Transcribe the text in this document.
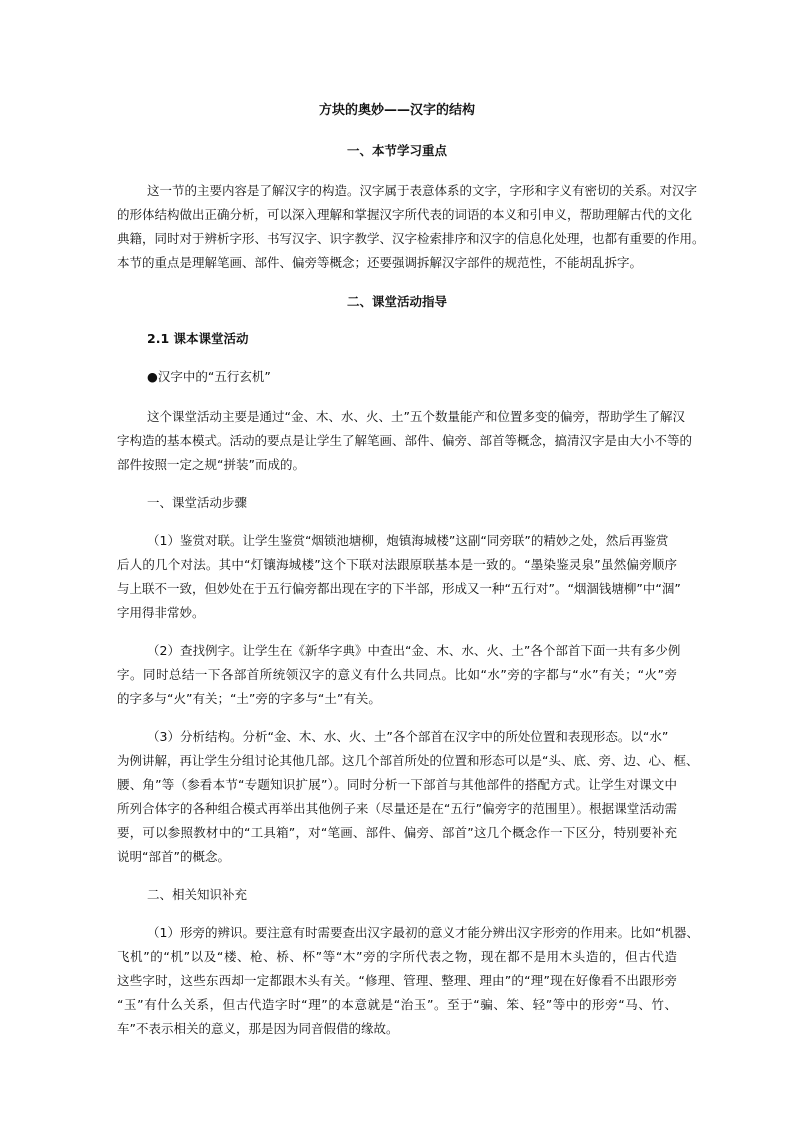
方块的奥妙——汉字的结构
一、本节学习重点
这一节的主要内容是了解汉字的构造。汉字属于表意体系的文字，字形和字义有密切的关系。对汉字
的形体结构做出正确分析，可以深入理解和掌握汉字所代表的词语的本义和引申义，帮助理解古代的文化
典籍，同时对于辨析字形、书写汉字、识字教学、汉字检索排序和汉字的信息化处理，也都有重要的作用。
本节的重点是理解笔画、部件、偏旁等概念；还要强调拆解汉字部件的规范性，不能胡乱拆字。
二、课堂活动指导
2.1 课本课堂活动
●汉字中的“五行玄机”
这个课堂活动主要是通过“金、木、水、火、土”五个数量能产和位置多变的偏旁，帮助学生了解汉
字构造的基本模式。活动的要点是让学生了解笔画、部件、偏旁、部首等概念，搞清汉字是由大小不等的
部件按照一定之规“拼装”而成的。
一、课堂活动步骤
（1）鉴赏对联。让学生鉴赏“烟锁池塘柳，炮镇海城楼”这副“同旁联”的精妙之处，然后再鉴赏
后人的几个对法。其中“灯镶海城楼”这个下联对法跟原联基本是一致的。“墨染鉴灵泉”虽然偏旁顺序
与上联不一致，但妙处在于五行偏旁都出现在字的下半部，形成又一种“五行对”。“烟涸钱塘柳”中“涸”
字用得非常妙。
（2）查找例字。让学生在《新华字典》中查出“金、木、水、火、土”各个部首下面一共有多少例
字。同时总结一下各部首所统领汉字的意义有什么共同点。比如“水”旁的字都与“水”有关；“火”旁
的字多与“火”有关；“土”旁的字多与“土”有关。
（3）分析结构。分析“金、木、水、火、土”各个部首在汉字中的所处位置和表现形态。以“水”
为例讲解，再让学生分组讨论其他几部。这几个部首所处的位置和形态可以是“头、底、旁、边、心、框、
腰、角”等（参看本节“专题知识扩展”）。同时分析一下部首与其他部件的搭配方式。让学生对课文中
所列合体字的各种组合模式再举出其他例子来（尽量还是在“五行”偏旁字的范围里）。根据课堂活动需
要，可以参照教材中的“工具箱”，对“笔画、部件、偏旁、部首”这几个概念作一下区分，特别要补充
说明“部首”的概念。
二、相关知识补充
（1）形旁的辨识。要注意有时需要查出汉字最初的意义才能分辨出汉字形旁的作用来。比如“机器、
飞机”的“机”以及“楼、枪、桥、杯”等“木”旁的字所代表之物，现在都不是用木头造的，但古代造
这些字时，这些东西却一定都跟木头有关。“修理、管理、整理、理由”的“理”现在好像看不出跟形旁
“玉”有什么关系，但古代造字时“理”的本意就是“治玉”。至于“骗、笨、轻”等中的形旁“马、竹、
车”不表示相关的意义，那是因为同音假借的缘故。
